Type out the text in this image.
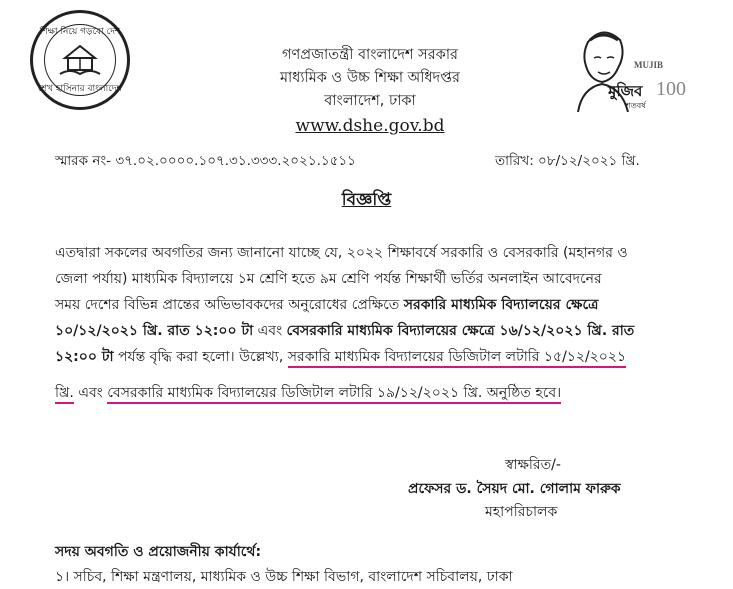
শিক্ষা নিয়ে গড়বো দেশ
শেখ হাসিনার বাংলাদেশ
গণপ্রজাতন্ত্রী বাংলাদেশ সরকার
মাধ্যমিক ও উচ্চ শিক্ষা অধিদপ্তর
বাংলাদেশ, ঢাকা
www.dshe.gov.bd
MUJIB
মুজিব 100
শতবর্ষ
স্মারক নং- ৩৭.০২.০০০০.১০৭.৩১.৩৩৩.২০২১.১৫১১	তারিখ: ০৮/১২/২০২১ খ্রি.
বিজ্ঞপ্তি
এতদ্বারা সকলের অবগতির জন্য জানানো যাচ্ছে যে, ২০২২ শিক্ষাবর্ষে সরকারি ও বেসরকারি (মহানগর ও
জেলা পর্যায়) মাধ্যমিক বিদ্যালয়ে ১ম শ্রেণি হতে ৯ম শ্রেণি পর্যন্ত শিক্ষার্থী ভর্তির অনলাইন আবেদনের
সময় দেশের বিভিন্ন প্রান্তের অভিভাবকদের অনুরোধের প্রেক্ষিতে সরকারি মাধ্যমিক বিদ্যালয়ের ক্ষেত্রে
১০/১২/২০২১ খ্রি. রাত ১২:০০ টা এবং বেসরকারি মাধ্যমিক বিদ্যালয়ের ক্ষেত্রে ১৬/১২/২০২১ খ্রি. রাত
১২:০০ টা পর্যন্ত বৃদ্ধি করা হলো। উল্লেখ্য, সরকারি মাধ্যমিক বিদ্যালয়ের ডিজিটাল লটারি ১৫/১২/২০২১
খ্রি. এবং বেসরকারি মাধ্যমিক বিদ্যালয়ের ডিজিটাল লটারি ১৯/১২/২০২১ খ্রি. অনুষ্ঠিত হবে।
স্বাক্ষরিত/-
প্রফেসর ড. সৈয়দ মো. গোলাম ফারুক
মহাপরিচালক
সদয় অবগতি ও প্রয়োজনীয় কার্যার্থে:
১। সচিব, শিক্ষা মন্ত্রণালয়, মাধ্যমিক ও উচ্চ শিক্ষা বিভাগ, বাংলাদেশ সচিবালয়, ঢাকা
